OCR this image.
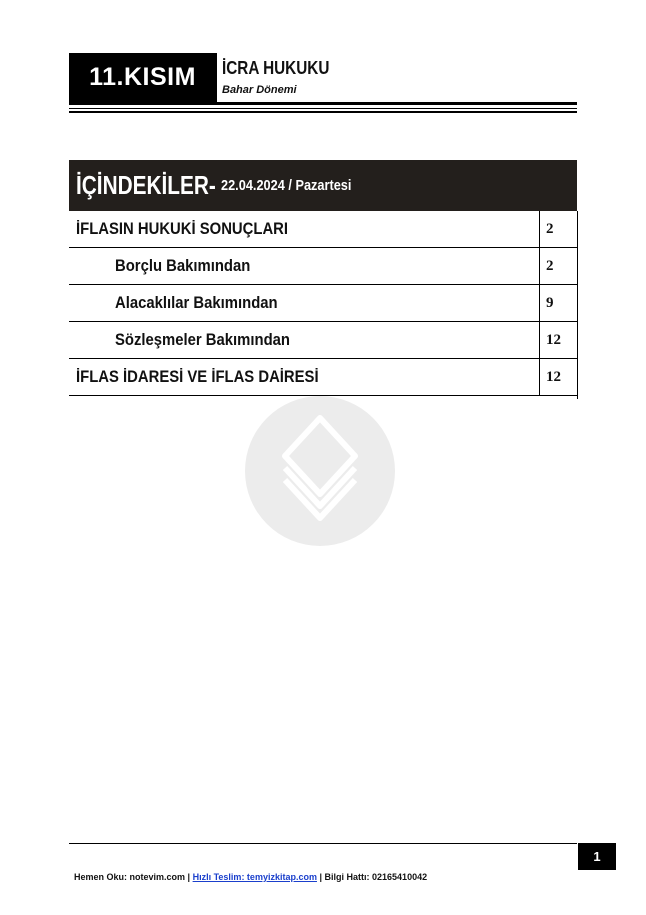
11.KISIM	İCRA HUKUKU
Bahar Dönemi
İÇİNDEKİLER- 22.04.2024 / Pazartesi
İFLASIN HUKUKİ SONUÇLARI	2
Borçlu Bakımından	2
Alacaklılar Bakımından	9
Sözleşmeler Bakımından	12
İFLAS İDARESİ VE İFLAS DAİRESİ	12
1
Hemen Oku: notevim.com | Hızlı Teslim: temyizkitap.com | Bilgi Hattı: 02165410042
